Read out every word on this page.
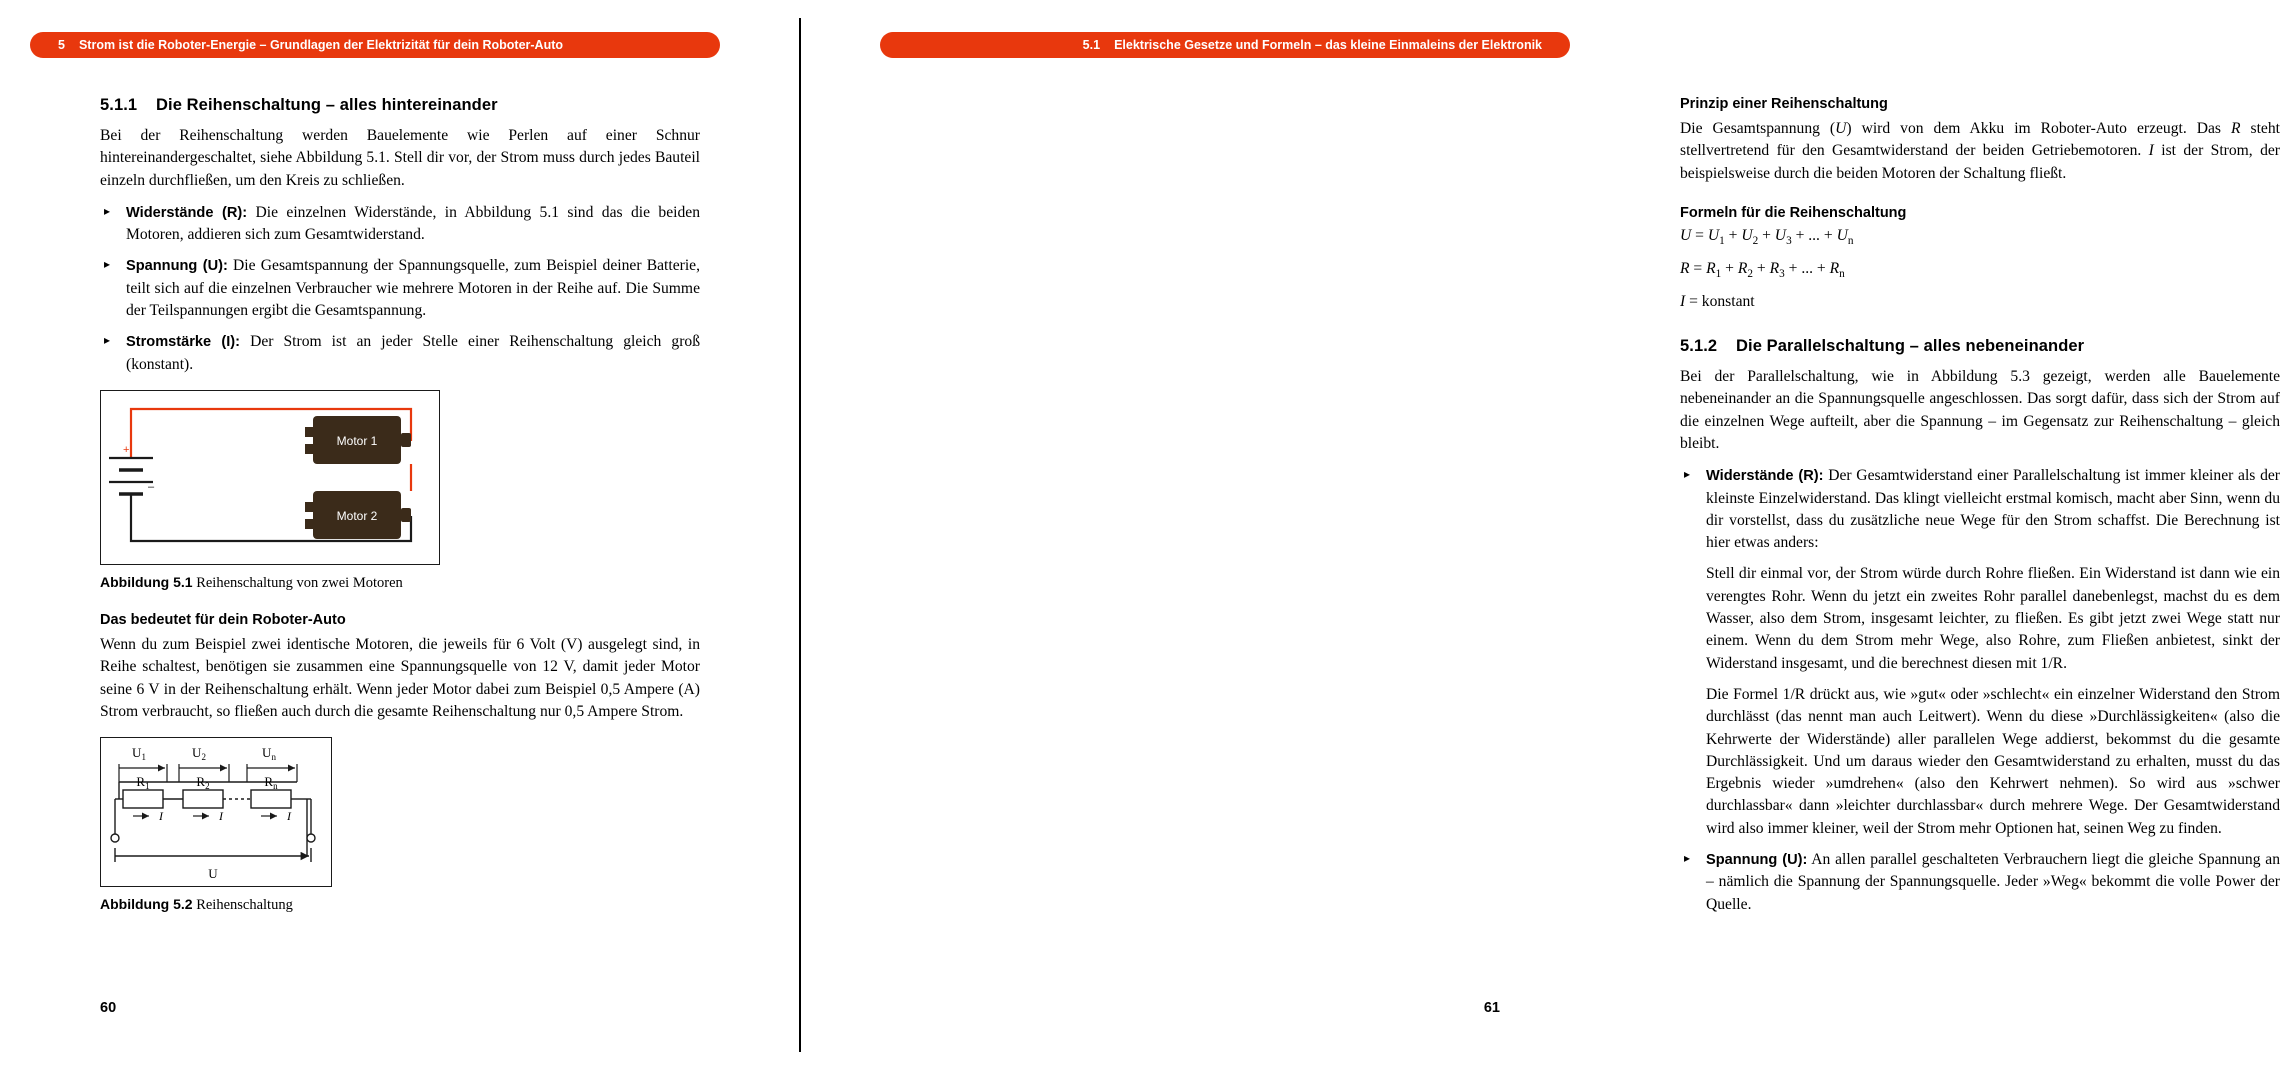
5 Strom ist die Roboter-Energie – Grundlagen der Elektrizität für dein Roboter-Auto
5.1.1 Die Reihenschaltung – alles hintereinander

Bei der Reihenschaltung werden Bauelemente wie Perlen auf einer Schnur hintereinandergeschaltet, siehe Abbildung 5.1. Stell dir vor, der Strom muss durch jedes Bauteil einzeln durchfließen, um den Kreis zu schließen.

▸ Widerstände (R): Die einzelnen Widerstände, in Abbildung 5.1 sind das die beiden Motoren, addieren sich zum Gesamtwiderstand.
▸ Spannung (U): Die Gesamtspannung der Spannungsquelle, zum Beispiel deiner Batterie, teilt sich auf die einzelnen Verbraucher wie mehrere Motoren in der Reihe auf. Die Summe der Teilspannungen ergibt die Gesamtspannung.
▸ Stromstärke (I): Der Strom ist an jeder Stelle einer Reihenschaltung gleich groß (konstant).
+
–
Motor 1
Motor 2

Abbildung 5.1 Reihenschaltung von zwei Motoren

Das bedeutet für dein Roboter-Auto

Wenn du zum Beispiel zwei identische Motoren, die jeweils für 6 Volt (V) ausgelegt sind, in Reihe schaltest, benötigen sie zusammen eine Spannungsquelle von 12 V, damit jeder Motor seine 6 V in der Reihenschaltung erhält. Wenn jeder Motor dabei zum Beispiel 0,5 Ampere (A) Strom verbraucht, so fließen auch durch die gesamte Reihenschaltung nur 0,5 Ampere Strom.

$U_1$	$U_2$	$U_n$
$R_1$	$R_2$	$R_n$
I	I	I
U

Abbildung 5.2 Reihenschaltung

60
5.1 Elektrische Gesetze und Formeln – das kleine Einmaleins der Elektronik
Prinzip einer Reihenschaltung

Die Gesamtspannung (U) wird von dem Akku im Roboter-Auto erzeugt. Das R steht stellvertretend für den Gesamtwiderstand der beiden Getriebemotoren. I ist der Strom, der beispielsweise durch die beiden Motoren der Schaltung fließt.

Formeln für die Reihenschaltung

$U = U_1 + U_2 + U_3$ + ... + $U_n$

$R = R_1 + R_2 + R_3$ + ... + $R_n$

I = konstant

5.1.2 Die Parallelschaltung – alles nebeneinander

Bei der Parallelschaltung, wie in Abbildung 5.3 gezeigt, werden alle Bauelemente nebeneinander an die Spannungsquelle angeschlossen. Das sorgt dafür, dass sich der Strom auf die einzelnen Wege aufteilt, aber die Spannung – im Gegensatz zur Reihenschaltung – gleich bleibt.

▸ Widerstände (R): Der Gesamtwiderstand einer Parallelschaltung ist immer kleiner als der kleinste Einzelwiderstand. Das klingt vielleicht erstmal komisch, macht aber Sinn, wenn du dir vorstellst, dass du zusätzliche neue Wege für den Strom schaffst. Die Berechnung ist hier etwas anders:
Stell dir einmal vor, der Strom würde durch Rohre fließen. Ein Widerstand ist dann wie ein verengtes Rohr. Wenn du jetzt ein zweites Rohr parallel danebenlegst, machst du es dem Wasser, also dem Strom, insgesamt leichter, zu fließen. Es gibt jetzt zwei Wege statt nur einem. Wenn du dem Strom mehr Wege, also Rohre, zum Fließen anbietest, sinkt der Widerstand insgesamt, und die berechnest diesen mit 1/R.
Die Formel 1/R drückt aus, wie »gut« oder »schlecht« ein einzelner Widerstand den Strom durchlässt (das nennt man auch Leitwert). Wenn du diese »Durchlässigkeiten« (also die Kehrwerte der Widerstände) aller parallelen Wege addierst, bekommst du die gesamte Durchlässigkeit. Und um daraus wieder den Gesamtwiderstand zu erhalten, musst du das Ergebnis wieder »umdrehen« (also den Kehrwert nehmen). So wird aus »schwer durchlassbar« dann »leichter durchlassbar« durch mehrere Wege. Der Gesamtwiderstand wird also immer kleiner, weil der Strom mehr Optionen hat, seinen Weg zu finden.
▸ Spannung (U): An allen parallel geschalteten Verbrauchern liegt die gleiche Spannung an – nämlich die Spannung der Spannungsquelle. Jeder »Weg« bekommt die volle Power der Quelle.
61
